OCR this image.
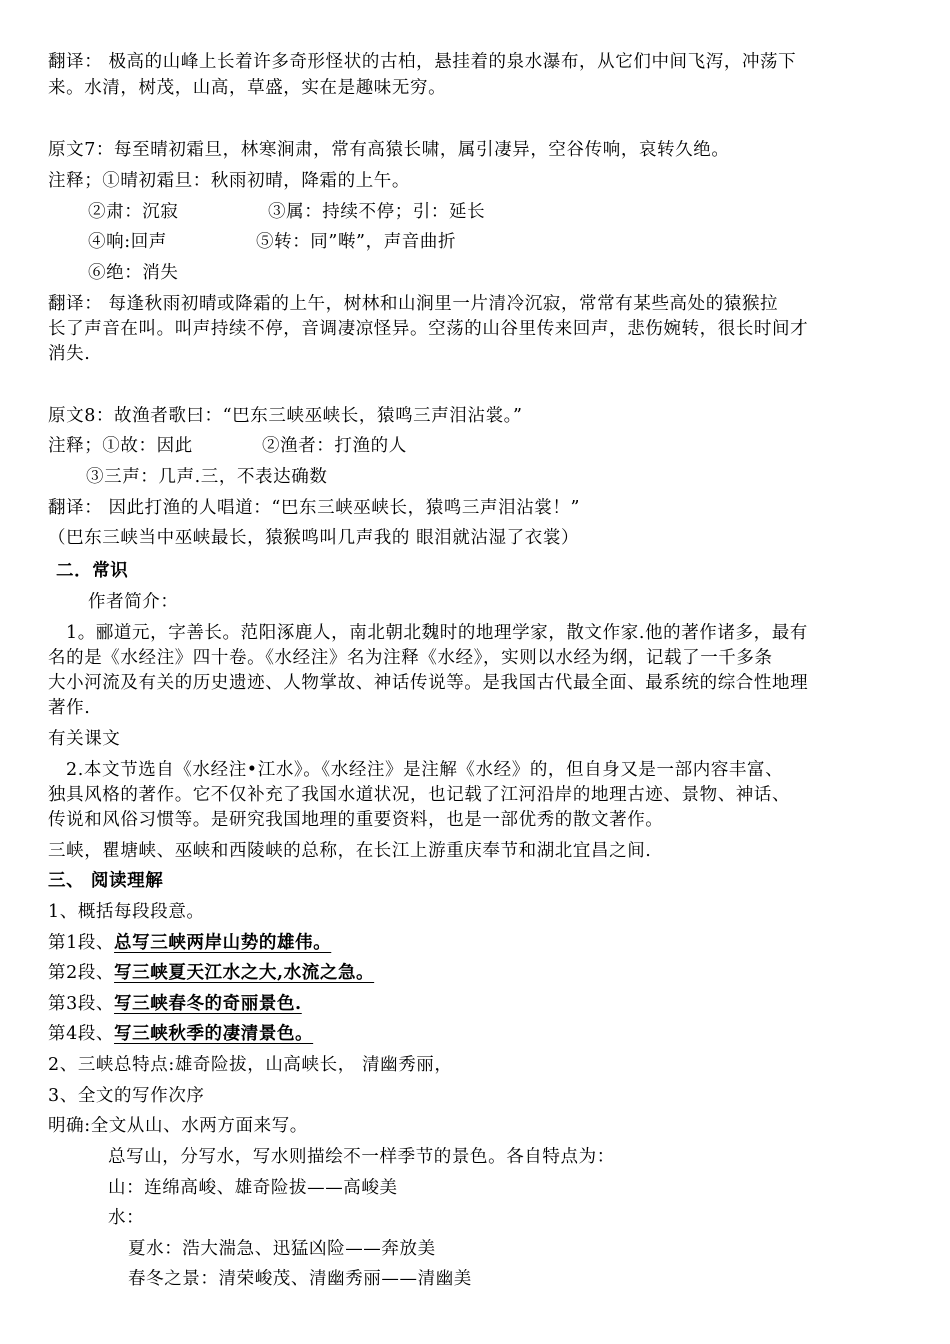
翻译： 极高的山峰上长着许多奇形怪状的古柏，悬挂着的泉水瀑布，从它们中间飞泻，冲荡下
来。水清，树茂，山高，草盛，实在是趣味无穷。
原文7：每至晴初霜旦，林寒涧肃，常有高猿长啸，属引凄异，空谷传响，哀转久绝。
注释；①晴初霜旦：秋雨初晴，降霜的上午。
②肃：沉寂	③属：持续不停；引：延长
④响:回声	⑤转：同”啭”，声音曲折
⑥绝：消失
翻译： 每逢秋雨初晴或降霜的上午，树林和山涧里一片清冷沉寂，常常有某些高处的猿猴拉
长了声音在叫。叫声持续不停，音调凄凉怪异。空荡的山谷里传来回声，悲伤婉转，很长时间才
消失.
原文8：故渔者歌曰：“巴东三峡巫峡长，猿鸣三声泪沾裳。”
注释；①故：因此	②渔者：打渔的人
③三声：几声.三，不表达确数
翻译： 因此打渔的人唱道：“巴东三峡巫峡长，猿鸣三声泪沾裳！”
（巴东三峡当中巫峡最长，猿猴鸣叫几声我的 眼泪就沾湿了衣裳）
二．常识
作者简介：
1。郦道元，字善长。范阳涿鹿人，南北朝北魏时的地理学家，散文作家.他的著作诸多，最有
名的是《水经注》四十卷。《水经注》名为注释《水经》，实则以水经为纲，记载了一千多条
大小河流及有关的历史遗迹、人物掌故、神话传说等。是我国古代最全面、最系统的综合性地理
著作.
有关课文
2.本文节选自《水经注•江水》。《水经注》是注解《水经》的，但自身又是一部内容丰富、
独具风格的著作。它不仅补充了我国水道状况，也记载了江河沿岸的地理古迹、景物、神话、
传说和风俗习惯等。是研究我国地理的重要资料，也是一部优秀的散文著作。
三峡，瞿塘峡、巫峡和西陵峡的总称，在长江上游重庆奉节和湖北宜昌之间.
三、 阅读理解
1、概括每段段意。
第1段、总写三峡两岸山势的雄伟。
第2段、写三峡夏天江水之大,水流之急。
第3段、写三峡春冬的奇丽景色.
第4段、写三峡秋季的凄清景色。
2、三峡总特点:雄奇险拔，山高峡长， 清幽秀丽，
3、全文的写作次序
明确:全文从山、水两方面来写。
总写山，分写水，写水则描绘不一样季节的景色。各自特点为：
山：连绵高峻、雄奇险拔——高峻美
水：
夏水：浩大湍急、迅猛凶险——奔放美
春冬之景：清荣峻茂、清幽秀丽——清幽美
